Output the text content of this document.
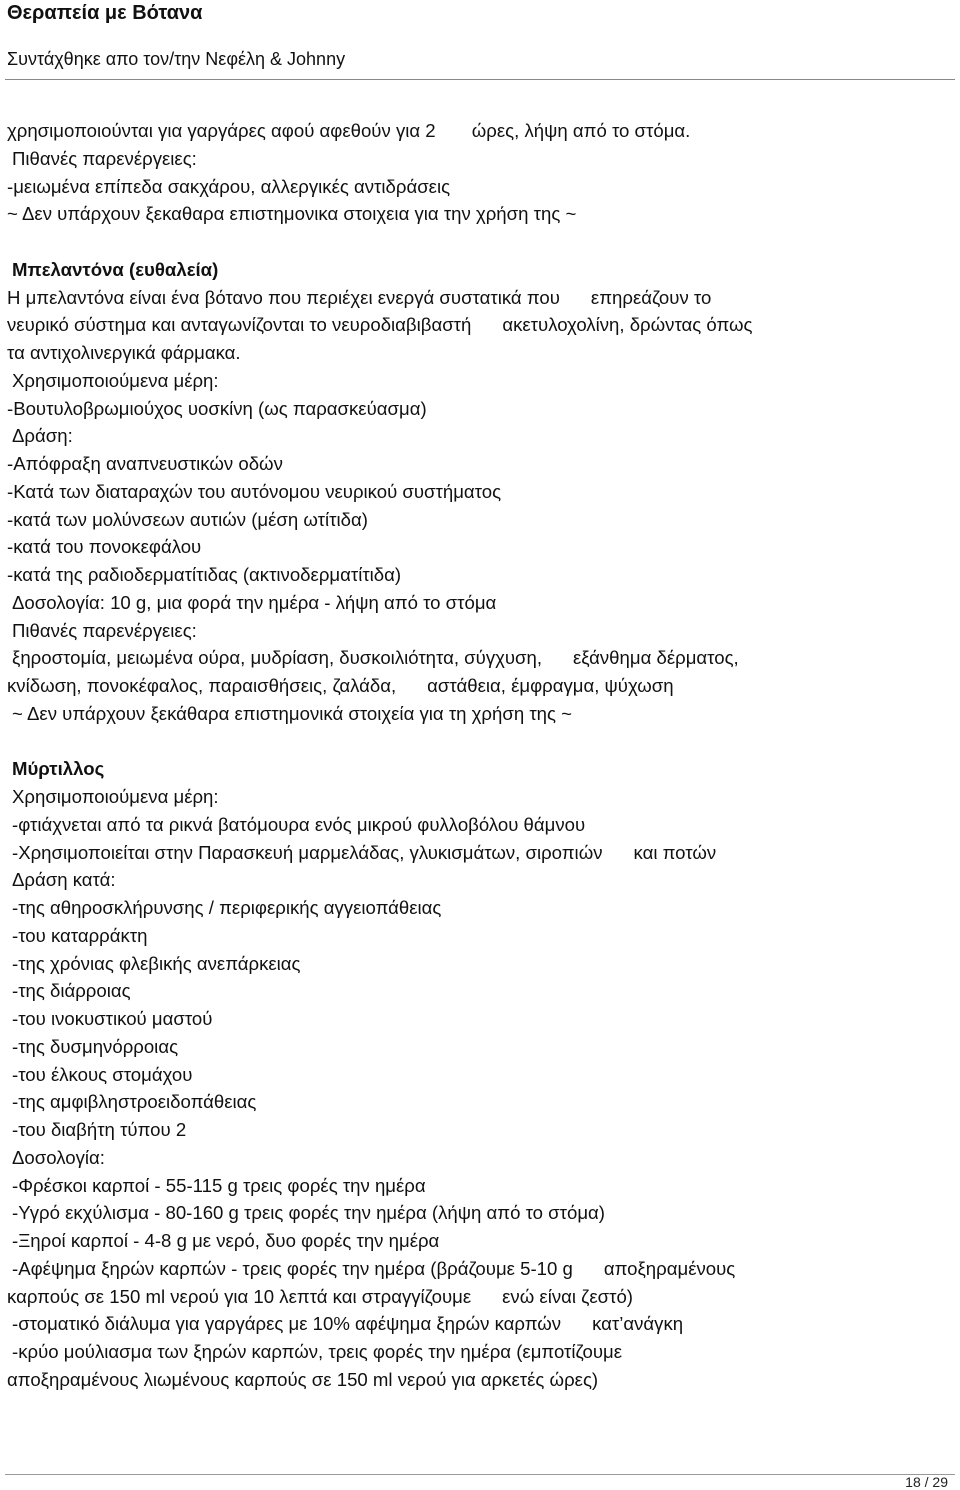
Θεραπεία με Βότανα
Συντάχθηκε απο τον/την Νεφέλη & Johnny
χρησιμοποιούνται για γαργάρες αφού αφεθούν για 2       ώρες, λήψη από το στόμα.
Πιθανές παρενέργειες:
-μειωμένα επίπεδα σακχάρου, αλλεργικές αντιδράσεις
~ Δεν υπάρχουν ξεκαθαρα επιστημονικα στοιχεια για την χρήση της ~
Μπελαντόνα (ευθαλεία)
Η μπελαντόνα είναι ένα βότανο που περιέχει ενεργά συστατικά που      επηρεάζουν το
νευρικό σύστημα και ανταγωνίζονται το νευροδιαβιβαστή      ακετυλοχολίνη, δρώντας όπως
τα αντιχολινεργικά φάρμακα.
Χρησιμοποιούμενα μέρη:
-Βουτυλοβρωμιούχος υοσκίνη (ως παρασκεύασμα)
Δράση:
-Απόφραξη αναπνευστικών οδών
-Κατά των διαταραχών του αυτόνομου νευρικού συστήματος
-κατά των μολύνσεων αυτιών (μέση ωτίτιδα)
-κατά του πονοκεφάλου
-κατά της ραδιοδερματίτιδας (ακτινοδερματίτιδα)
Δοσολογία: 10 g, μια φορά την ημέρα - λήψη από το στόμα
Πιθανές παρενέργειες:
ξηροστομία, μειωμένα ούρα, μυδρίαση, δυσκοιλιότητα, σύγχυση,      εξάνθημα δέρματος,
κνίδωση, πονοκέφαλος, παραισθήσεις, ζαλάδα,      αστάθεια, έμφραγμα, ψύχωση
~ Δεν υπάρχουν ξεκάθαρα επιστημονικά στοιχεία για τη χρήση της ~
Μύρτιλλος
Χρησιμοποιούμενα μέρη:
-φτιάχνεται από τα ρικνά βατόμουρα ενός μικρού φυλλοβόλου θάμνου
-Χρησιμοποιείται στην Παρασκευή μαρμελάδας, γλυκισμάτων, σιροπιών      και ποτών
Δράση κατά:
-της αθηροσκλήρυνσης / περιφερικής αγγειοπάθειας
-του καταρράκτη
-της χρόνιας φλεβικής ανεπάρκειας
-της διάρροιας
-του ινοκυστικού μαστού
-της δυσμηνόρροιας
-του έλκους στομάχου
-της αμφιβληστροειδοπάθειας
-του διαβήτη τύπου 2
Δοσολογία:
-Φρέσκοι καρποί - 55-115 g τρεις φορές την ημέρα
-Υγρό εκχύλισμα - 80-160 g τρεις φορές την ημέρα (λήψη από το στόμα)
-Ξηροί καρποί - 4-8 g με νερό, δυο φορές την ημέρα
-Αφέψημα ξηρών καρπών - τρεις φορές την ημέρα (βράζουμε 5-10 g      αποξηραμένους
καρπούς σε 150 ml νερού για 10 λεπτά και στραγγίζουμε      ενώ είναι ζεστό)
-στοματικό διάλυμα για γαργάρες με 10% αφέψημα ξηρών καρπών      κατ’ανάγκη
-κρύο μούλιασμα των ξηρών καρπών, τρεις φορές την ημέρα (εμποτίζουμε
αποξηραμένους λιωμένους καρπούς σε 150 ml νερού για αρκετές ώρες)
18 / 29
